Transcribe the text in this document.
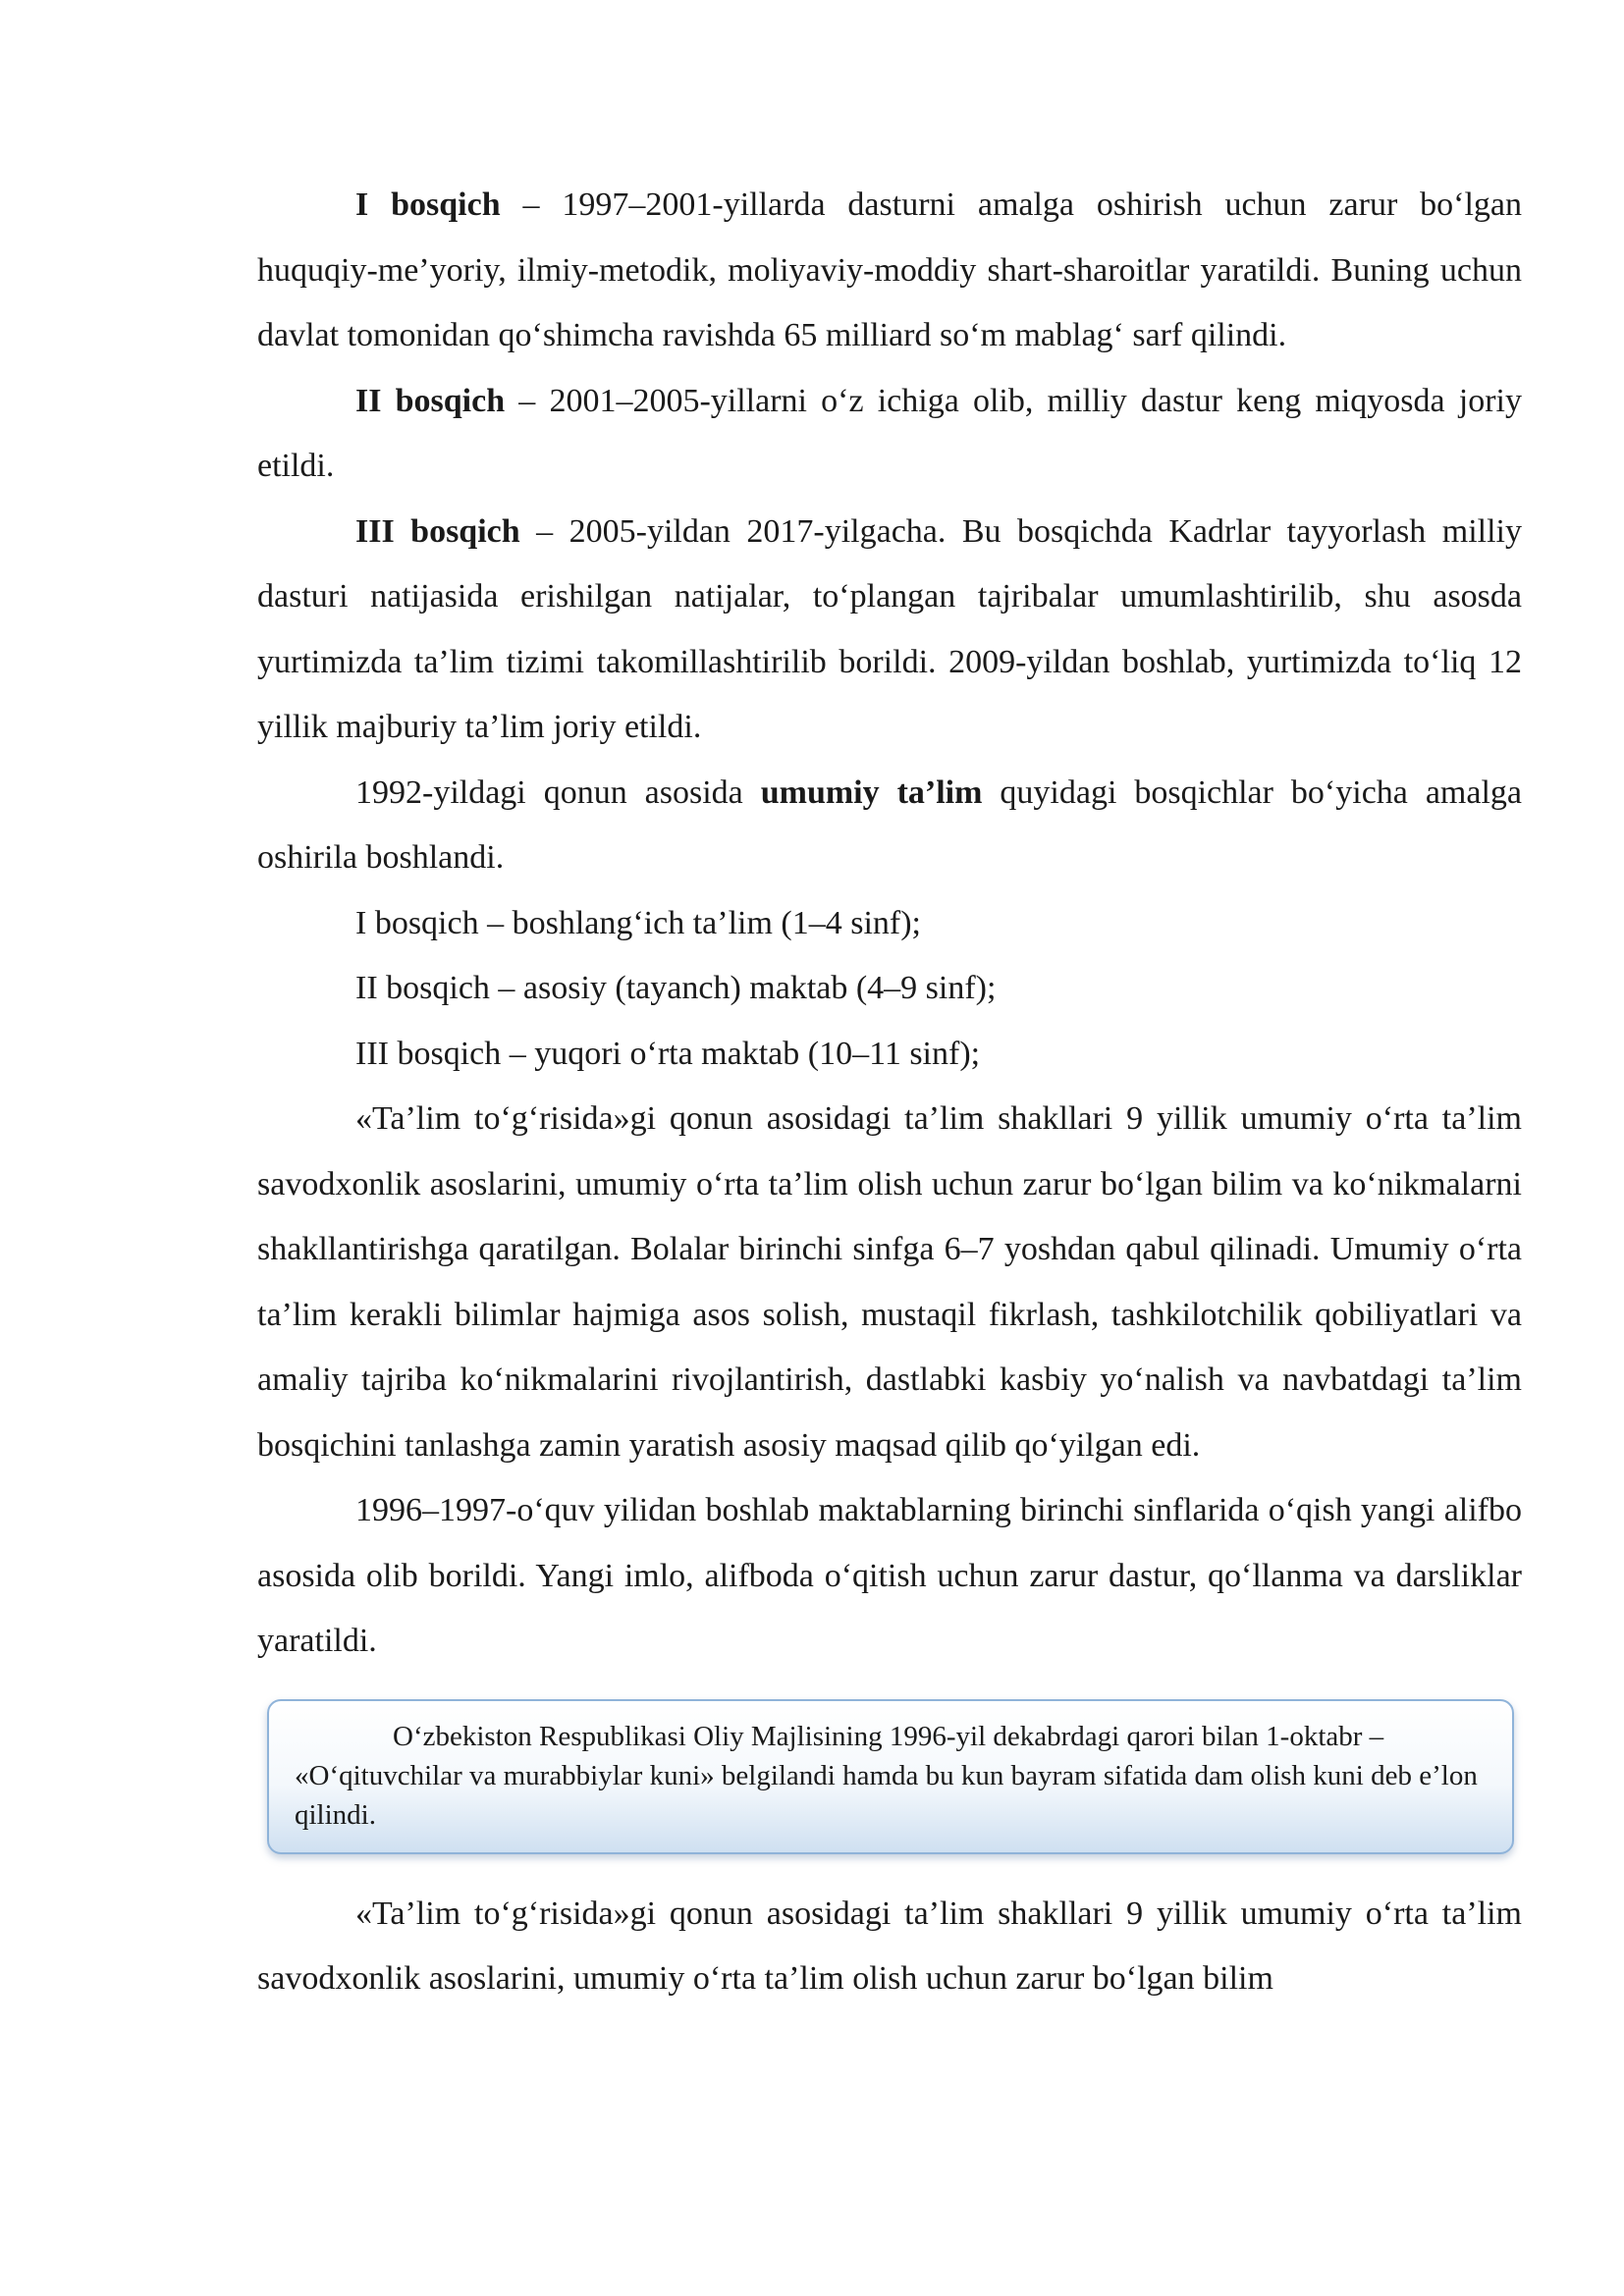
I bosqich – 1997–2001-yillarda dasturni amalga oshirish uchun zarur bo‘lgan huquqiy-me’yoriy, ilmiy-metodik, moliyaviy-moddiy shart-sharoitlar yaratildi. Buning uchun davlat tomonidan qo‘shimcha ravishda 65 milliard so‘m mablag‘ sarf qilindi.

II bosqich – 2001–2005-yillarni o‘z ichiga olib, milliy dastur keng miqyosda joriy etildi.

III bosqich – 2005-yildan 2017-yilgacha. Bu bosqichda Kadrlar tayyorlash milliy dasturi natijasida erishilgan natijalar, to‘plangan tajribalar umumlashtirilib, shu asosda yurtimizda ta’lim tizimi takomillashtirilib borildi. 2009-yildan boshlab, yurtimizda to‘liq 12 yillik majburiy ta’lim joriy etildi.

1992-yildagi qonun asosida umumiy ta’lim quyidagi bosqichlar bo‘yicha amalga oshirila boshlandi.

I bosqich – boshlang‘ich ta’lim (1–4 sinf);

II bosqich – asosiy (tayanch) maktab (4–9 sinf);

III bosqich – yuqori o‘rta maktab (10–11 sinf);

«Ta’lim to‘g‘risida»gi qonun asosidagi ta’lim shakllari 9 yillik umumiy o‘rta ta’lim savodxonlik asoslarini, umumiy o‘rta ta’lim olish uchun zarur bo‘lgan bilim va ko‘nikmalarni shakllantirishga qaratilgan. Bolalar birinchi sinfga 6–7 yoshdan qabul qilinadi. Umumiy o‘rta ta’lim kerakli bilimlar hajmiga asos solish, mustaqil fikrlash, tashkilotchilik qobiliyatlari va amaliy tajriba ko‘nikmalarini rivojlantirish, dastlabki kasbiy yo‘nalish va navbatdagi ta’lim bosqichini tanlashga zamin yaratish asosiy maqsad qilib qo‘yilgan edi.

1996–1997-o‘quv yilidan boshlab maktablarning birinchi sinflarida o‘qish yangi alifbo asosida olib borildi. Yangi imlo, alifboda o‘qitish uchun zarur dastur, qo‘llanma va darsliklar yaratildi.

O‘zbekiston Respublikasi Oliy Majlisining 1996-yil dekabrdagi qarori bilan 1-oktabr – «O‘qituvchilar va murabbiylar kuni» belgilandi hamda bu kun bayram sifatida dam olish kuni deb e’lon qilindi.

«Ta’lim to‘g‘risida»gi qonun asosidagi ta’lim shakllari 9 yillik umumiy o‘rta ta’lim savodxonlik asoslarini, umumiy o‘rta ta’lim olish uchun zarur bo‘lgan bilim
